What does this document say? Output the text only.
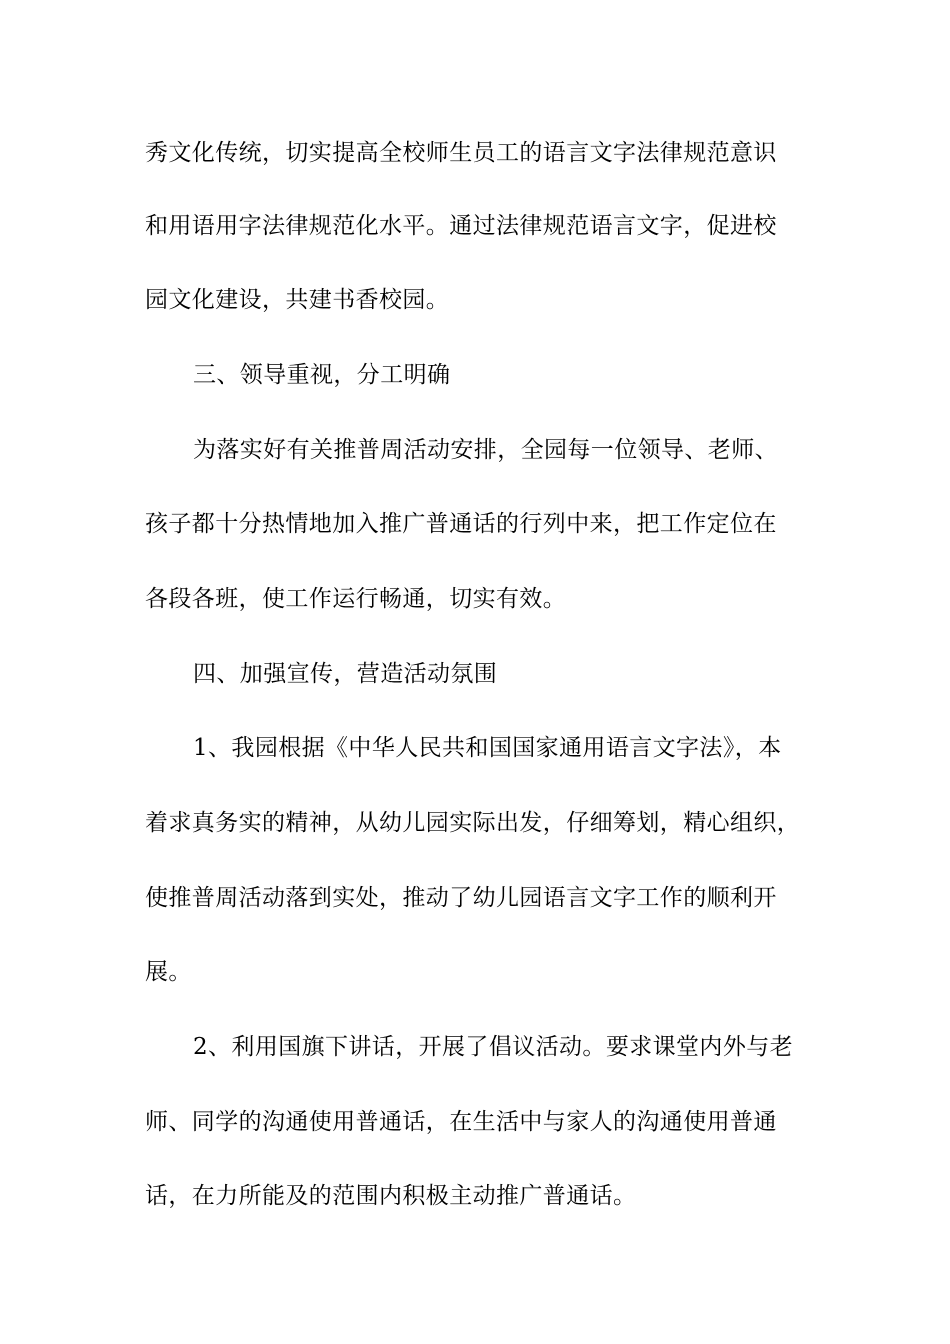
秀文化传统，切实提高全校师生员工的语言文字法律规范意识
和用语用字法律规范化水平。通过法律规范语言文字，促进校
园文化建设，共建书香校园。
三、领导重视，分工明确
为落实好有关推普周活动安排，全园每一位领导、老师、
孩子都十分热情地加入推广普通话的行列中来，把工作定位在
各段各班，使工作运行畅通，切实有效。
四、加强宣传，营造活动氛围
1、我园根据《中华人民共和国国家通用语言文字法》，本
着求真务实的精神，从幼儿园实际出发，仔细筹划，精心组织，
使推普周活动落到实处，推动了幼儿园语言文字工作的顺利开
展。
2、利用国旗下讲话，开展了倡议活动。要求课堂内外与老
师、同学的沟通使用普通话，在生活中与家人的沟通使用普通
话，在力所能及的范围内积极主动推广普通话。
